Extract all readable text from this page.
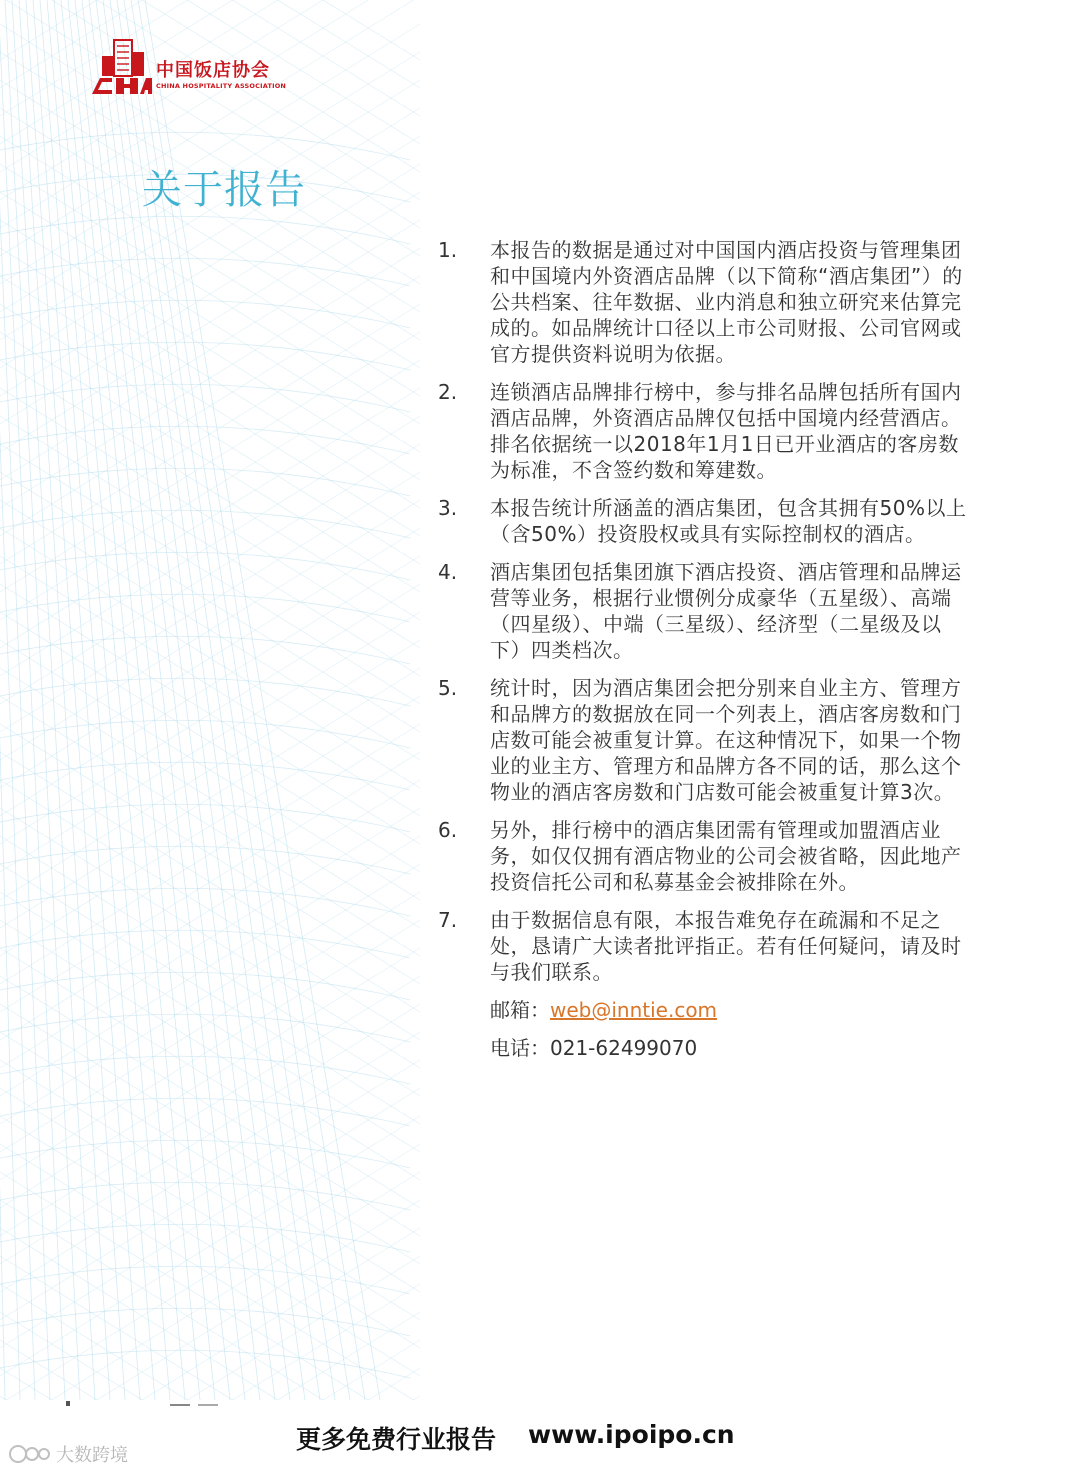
中国饭店协会
CHINA HOSPITALITY ASSOCIATION
关于报告
1.	本报告的数据是通过对中国国内酒店投资与管理集团和中国境内外资酒店品牌（以下简称“酒店集团”）的公共档案、往年数据、业内消息和独立研究来估算完成的。如品牌统计口径以上市公司财报、公司官网或官方提供资料说明为依据。
2.	连锁酒店品牌排行榜中，参与排名品牌包括所有国内酒店品牌，外资酒店品牌仅包括中国境内经营酒店。排名依据统一以2018年1月1日已开业酒店的客房数为标准，不含签约数和筹建数。
3.	本报告统计所涵盖的酒店集团，包含其拥有50%以上（含50%）投资股权或具有实际控制权的酒店。
4.	酒店集团包括集团旗下酒店投资、酒店管理和品牌运营等业务，根据行业惯例分成豪华（五星级）、高端（四星级）、中端（三星级）、经济型（二星级及以下）四类档次。
5.	统计时，因为酒店集团会把分别来自业主方、管理方和品牌方的数据放在同一个列表上，酒店客房数和门店数可能会被重复计算。在这种情况下，如果一个物业的业主方、管理方和品牌方各不同的话，那么这个物业的酒店客房数和门店数可能会被重复计算3次。
6.	另外，排行榜中的酒店集团需有管理或加盟酒店业务，如仅仅拥有酒店物业的公司会被省略，因此地产投资信托公司和私募基金会被排除在外。
7.	由于数据信息有限，本报告难免存在疏漏和不足之处，恳请广大读者批评指正。若有任何疑问，请及时与我们联系。
邮箱：web@inntie.com
电话：021-62499070
更多免费行业报告 www.ipoipo.cn
大数跨境
